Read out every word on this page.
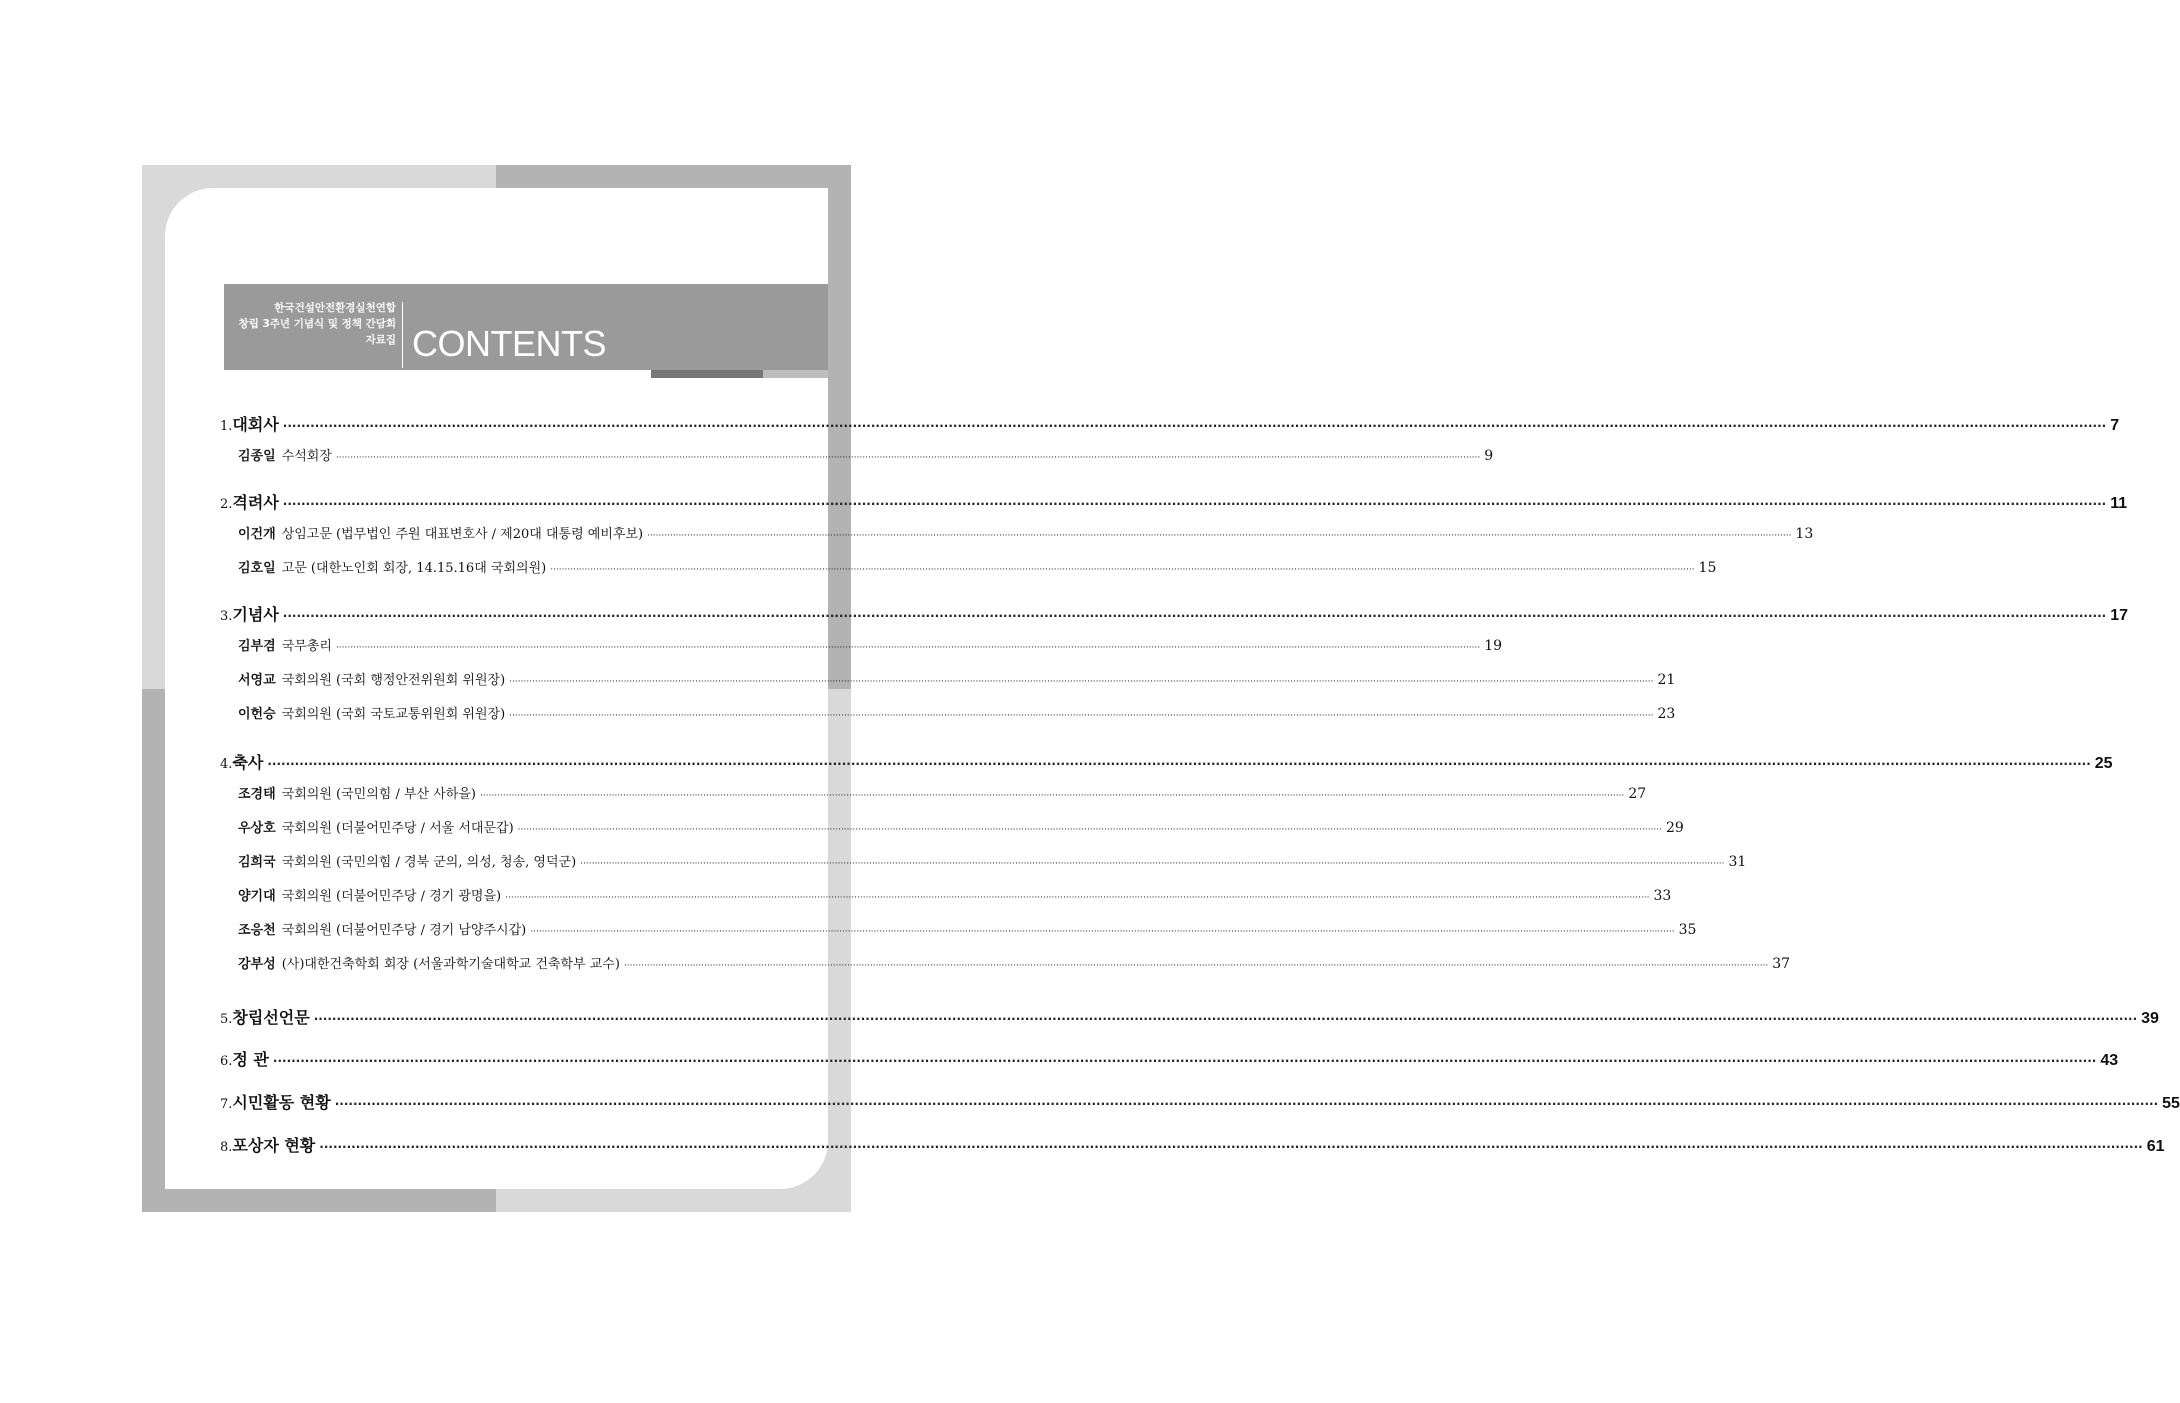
한국건설안전환경실천연합
창립 3주년 기념식 및 정책 간담회
자료집 CONTENTS
1. 대회사 ················································································································································································································································································································································································································ 7
김종일 수석회장 ················································································································································································································································································································································································································ 9
2. 격려사 ················································································································································································································································································································································································································ 11
이건개 상임고문 (법무법인 주원 대표변호사 / 제20대 대통령 예비후보) ················································································································································································································································································································································································································ 13
김호일 고문 (대한노인회 회장, 14.15.16대 국회의원) ················································································································································································································································································································································································································ 15
3. 기념사 ················································································································································································································································································································································································································ 17
김부겸 국무총리 ················································································································································································································································································································································································································ 19
서영교 국회의원 (국회 행정안전위원회 위원장) ················································································································································································································································································································································································································ 21
이헌승 국회의원 (국회 국토교통위원회 위원장) ················································································································································································································································································································································································································ 23
4. 축사 ················································································································································································································································································································································································································ 25
조경태 국회의원 (국민의힘 / 부산 사하을) ················································································································································································································································································································································································································ 27
우상호 국회의원 (더불어민주당 / 서울 서대문갑) ················································································································································································································································································································································································································ 29
김희국 국회의원 (국민의힘 / 경북 군의, 의성, 청송, 영덕군) ················································································································································································································································································································································································································ 31
양기대 국회의원 (더불어민주당 / 경기 광명을) ················································································································································································································································································································································································································ 33
조응천 국회의원 (더불어민주당 / 경기 남양주시갑) ················································································································································································································································································································································································································ 35
강부성 (사)대한건축학회 회장 (서울과학기술대학교 건축학부 교수) ················································································································································································································································································································································································································ 37
5. 창립선언문 ················································································································································································································································································································································································································ 39
6. 정 관 ················································································································································································································································································································································································································ 43
7. 시민활동 현황 ················································································································································································································································································································································································································ 55
8. 포상자 현황 ················································································································································································································································································································································································································ 61
